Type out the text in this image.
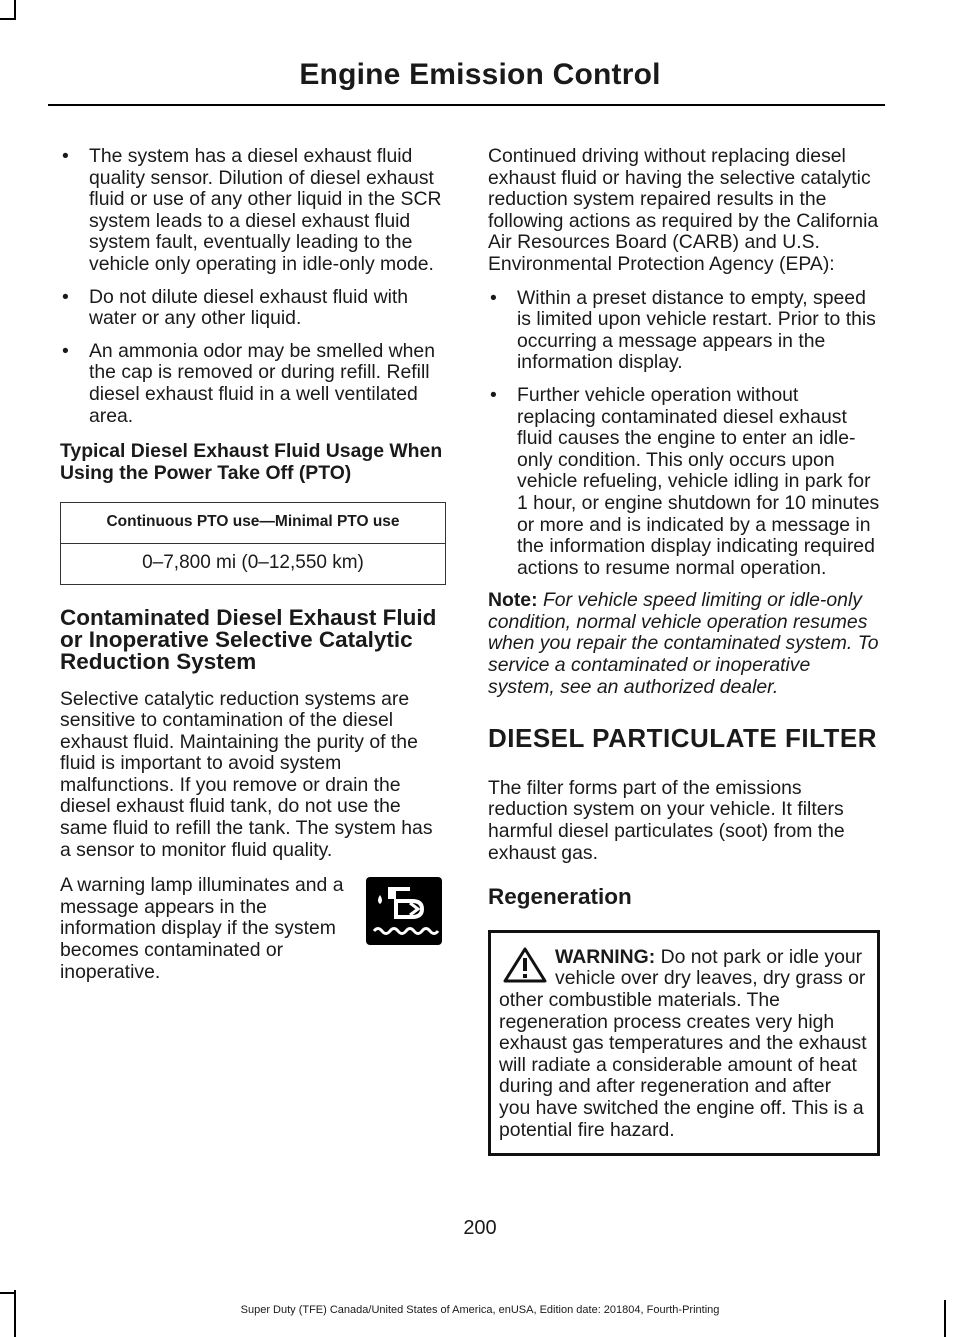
Engine Emission Control
• The system has a diesel exhaust fluid quality sensor. Dilution of diesel exhaust fluid or use of any other liquid in the SCR system leads to a diesel exhaust fluid system fault, eventually leading to the vehicle only operating in idle-only mode.
• Do not dilute diesel exhaust fluid with water or any other liquid.
• An ammonia odor may be smelled when the cap is removed or during refill. Refill diesel exhaust fluid in a well ventilated area.
Typical Diesel Exhaust Fluid Usage When Using the Power Take Off (PTO)
Continuous PTO use—Minimal PTO use
0–7,800 mi (0–12,550 km)
Contaminated Diesel Exhaust Fluid or Inoperative Selective Catalytic Reduction System

Selective catalytic reduction systems are sensitive to contamination of the diesel exhaust fluid. Maintaining the purity of the fluid is important to avoid system malfunctions. If you remove or drain the diesel exhaust fluid tank, do not use the same fluid to refill the tank. The system has a sensor to monitor fluid quality.

A warning lamp illuminates and a message appears in the information display if the system becomes contaminated or inoperative.

Continued driving without replacing diesel exhaust fluid or having the selective catalytic reduction system repaired results in the following actions as required by the California Air Resources Board (CARB) and U.S. Environmental Protection Agency (EPA):

• Within a preset distance to empty, speed is limited upon vehicle restart. Prior to this occurring a message appears in the information display.
• Further vehicle operation without replacing contaminated diesel exhaust fluid causes the engine to enter an idle-only condition. This only occurs upon vehicle refueling, vehicle idling in park for 1 hour, or engine shutdown for 10 minutes or more and is indicated by a message in the information display indicating required actions to resume normal operation.

Note: For vehicle speed limiting or idle-only condition, normal vehicle operation resumes when you repair the contaminated system. To service a contaminated or inoperative system, see an authorized dealer.

DIESEL PARTICULATE FILTER

The filter forms part of the emissions reduction system on your vehicle. It filters harmful diesel particulates (soot) from the exhaust gas.

Regeneration
WARNING: Do not park or idle your vehicle over dry leaves, dry grass or other combustible materials. The regeneration process creates very high exhaust gas temperatures and the exhaust will radiate a considerable amount of heat during and after regeneration and after you have switched the engine off. This is a potential fire hazard.
200
Super Duty (TFE) Canada/United States of America, enUSA, Edition date: 201804, Fourth-Printing
